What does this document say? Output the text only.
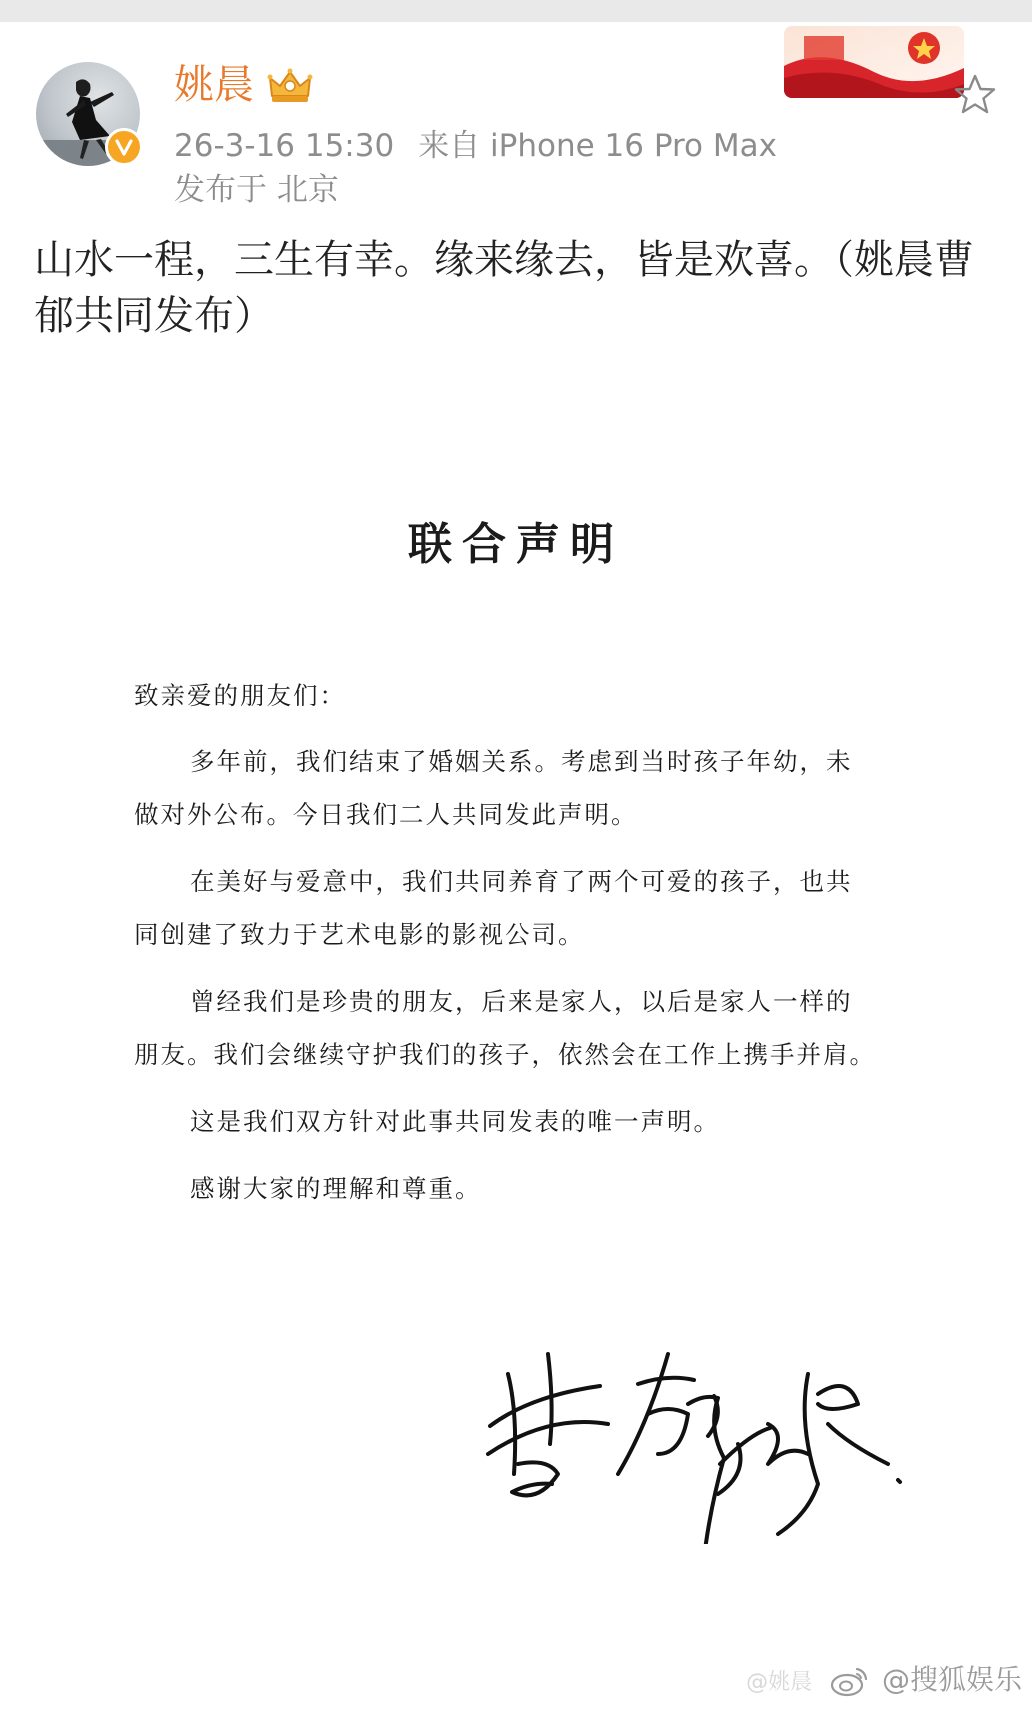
姚晨
26-3-16 15:30 来自 iPhone 16 Pro Max
发布于 北京
山水一程，三生有幸。缘来缘去，皆是欢喜。（姚晨曹
郁共同发布）
联合声明
致亲爱的朋友们：
多年前，我们结束了婚姻关系。考虑到当时孩子年幼，未
做对外公布。今日我们二人共同发此声明。
在美好与爱意中，我们共同养育了两个可爱的孩子，也共
同创建了致力于艺术电影的影视公司。
曾经我们是珍贵的朋友，后来是家人，以后是家人一样的
朋友。我们会继续守护我们的孩子，依然会在工作上携手并肩。
这是我们双方针对此事共同发表的唯一声明。
感谢大家的理解和尊重。
@姚晨 @搜狐娱乐
